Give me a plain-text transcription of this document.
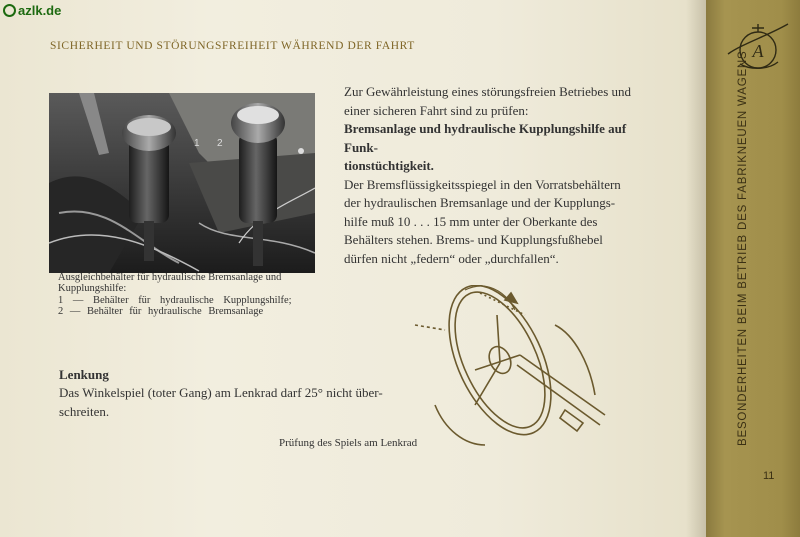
azlk.de
SICHERHEIT UND STÖRUNGSFREIHEIT WÄHREND DER FAHRT
1 2
Ausgleichbehälter für hydraulische Bremsanlage und
Kupplungshilfe:
1 — Behälter für hydraulische Kupplungshilfe;
2 — Behälter für hydraulische Bremsanlage
Zur Gewährleistung eines störungsfreien Betriebes und
einer sicheren Fahrt sind zu prüfen:
Bremsanlage und hydraulische Kupplungshilfe auf Funk-
tionstüchtigkeit.
Der Bremsflüssigkeitsspiegel in den Vorratsbehältern
der hydraulischen Bremsanlage und der Kupplungs-
hilfe muß 10 . . . 15 mm unter der Oberkante des
Behälters stehen. Brems- und Kupplungsfußhebel
dürfen nicht „federn“ oder „durchfallen“.
Lenkung
Das Winkelspiel (toter Gang) am Lenkrad darf 25° nicht über-
schreiten.
Prüfung des Spiels am Lenkrad
A
BESONDERHEITEN BEIM BETRIEB DES FABRIKNEUEN WAGENS
11
